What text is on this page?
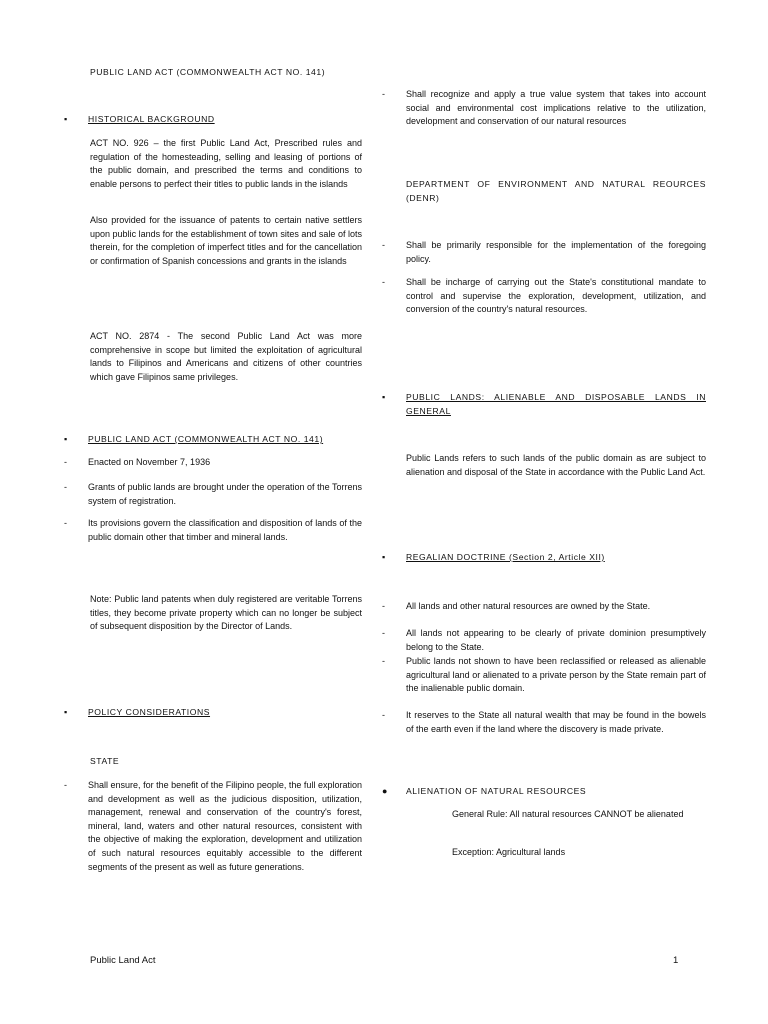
PUBLIC LAND ACT (COMMONWEALTH ACT NO. 141)
▪ HISTORICAL BACKGROUND
ACT NO. 926 – the first Public Land Act, Prescribed rules and regulation of the homesteading, selling and leasing of portions of the public domain, and prescribed the terms and conditions to enable persons to perfect their titles to public lands in the islands
Also provided for the issuance of patents to certain native settlers upon public lands for the establishment of town sites and sale of lots therein, for the completion of imperfect titles and for the cancellation or confirmation of Spanish concessions and grants in the islands
ACT NO. 2874 - The second Public Land Act was more comprehensive in scope but limited the exploitation of agricultural lands to Filipinos and Americans and citizens of other countries which gave Filipinos same privileges.
▪ PUBLIC LAND ACT (COMMONWEALTH ACT NO. 141)
- Enacted on November 7, 1936
- Grants of public lands are brought under the operation of the Torrens system of registration.
- Its provisions govern the classification and disposition of lands of the public domain other that timber and mineral lands.
Note: Public land patents when duly registered are veritable Torrens titles, they become private property which can no longer be subject of subsequent disposition by the Director of Lands.
▪ POLICY CONSIDERATIONS
STATE
- Shall ensure, for the benefit of the Filipino people, the full exploration and development as well as the judicious disposition, utilization, management, renewal and conservation of the country's forest, mineral, land, waters and other natural resources, consistent with the objective of making the exploration, development and utilization of such natural resources equitably accessible to the different segments of the present as well as future generations.
- Shall recognize and apply a true value system that takes into account social and environmental cost implications relative to the utilization, development and conservation of our natural resources
DEPARTMENT OF ENVIRONMENT AND NATURAL REOURCES (DENR)
- Shall be primarily responsible for the implementation of the foregoing policy.
- Shall be incharge of carrying out the State's constitutional mandate to control and supervise the exploration, development, utilization, and conversion of the country's natural resources.
▪ PUBLIC LANDS: ALIENABLE AND DISPOSABLE LANDS IN GENERAL
Public Lands refers to such lands of the public domain as are subject to alienation and disposal of the State in accordance with the Public Land Act.
▪ REGALIAN DOCTRINE (Section 2, Article XII)
- All lands and other natural resources are owned by the State.
- All lands not appearing to be clearly of private dominion presumptively belong to the State.
- Public lands not shown to have been reclassified or released as alienable agricultural land or alienated to a private person by the State remain part of the inalienable public domain.
- It reserves to the State all natural wealth that may be found in the bowels of the earth even if the land where the discovery is made private.
● ALIENATION OF NATURAL RESOURCES
General Rule: All natural resources CANNOT be alienated
Exception: Agricultural lands
Public Land Act	1
